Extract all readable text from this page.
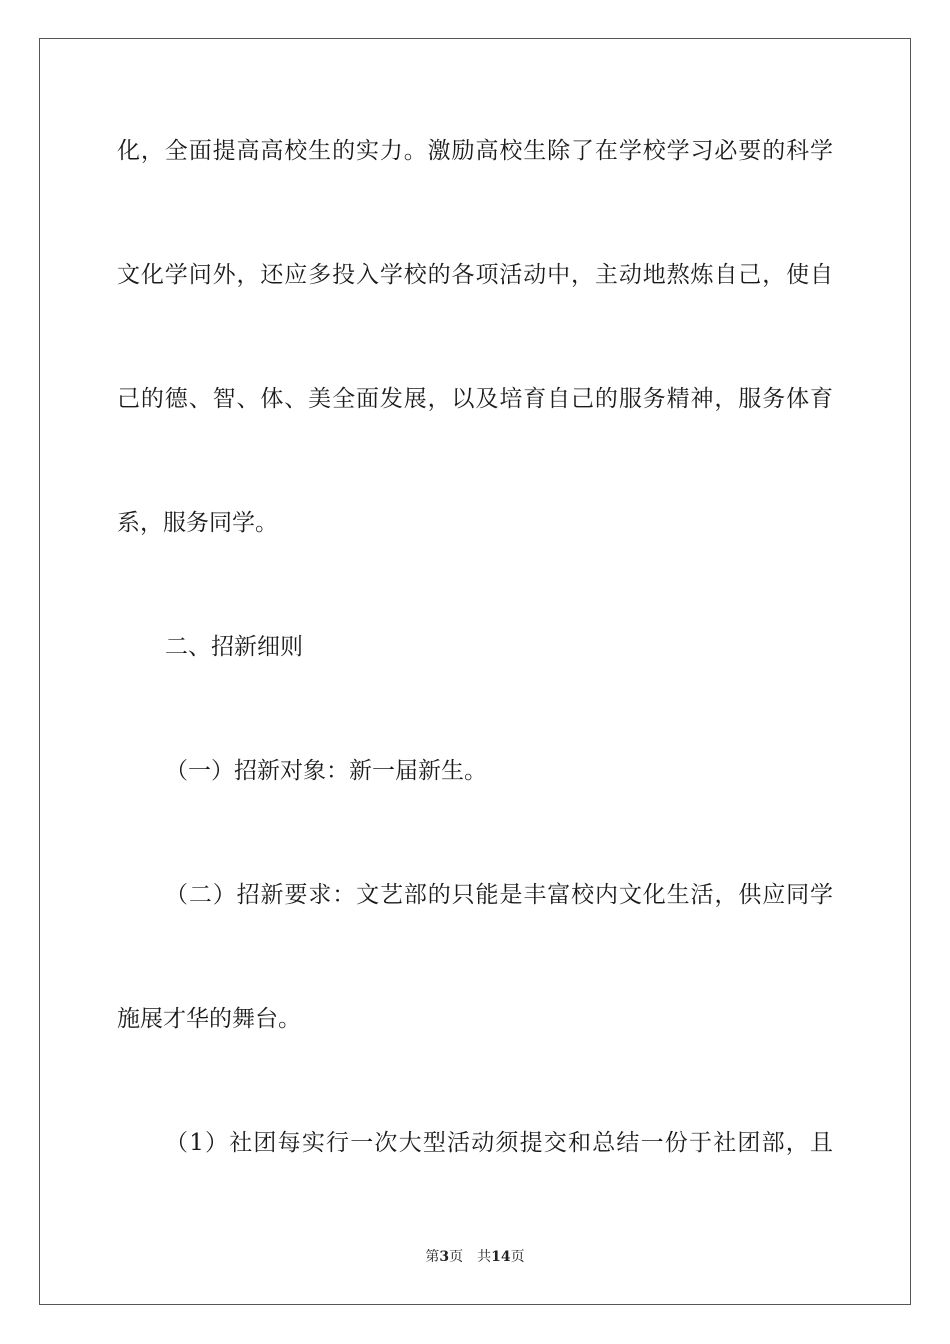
化，全面提高高校生的实力。激励高校生除了在学校学习必要的科学
文化学问外，还应多投入学校的各项活动中，主动地熬炼自己，使自
己的德、智、体、美全面发展，以及培育自己的服务精神，服务体育
系，服务同学。
二、招新细则
（一）招新对象：新一届新生。
（二）招新要求：文艺部的只能是丰富校内文化生活，供应同学
施展才华的舞台。
（1）社团每实行一次大型活动须提交和总结一份于社团部，且
第3页 共14页
